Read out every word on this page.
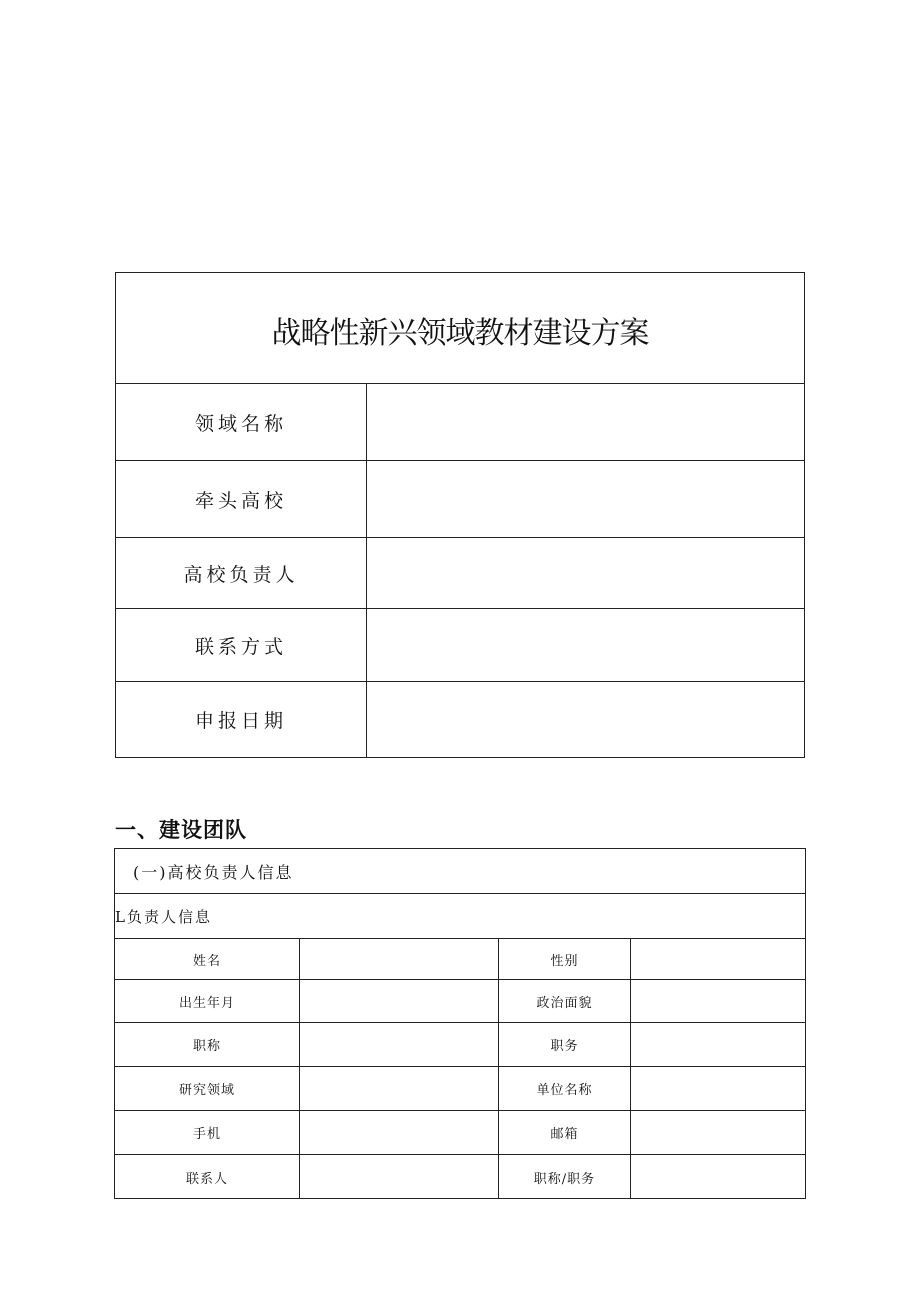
战略性新兴领域教材建设方案
领域名称
牵头高校
高校负责人
联系方式
申报日期
一、建设团队
(一)高校负责人信息
L负责人信息
姓名	性别
出生年月	政治面貌
职称	职务
研究领域	单位名称
手机	邮箱
联系人	职称/职务
